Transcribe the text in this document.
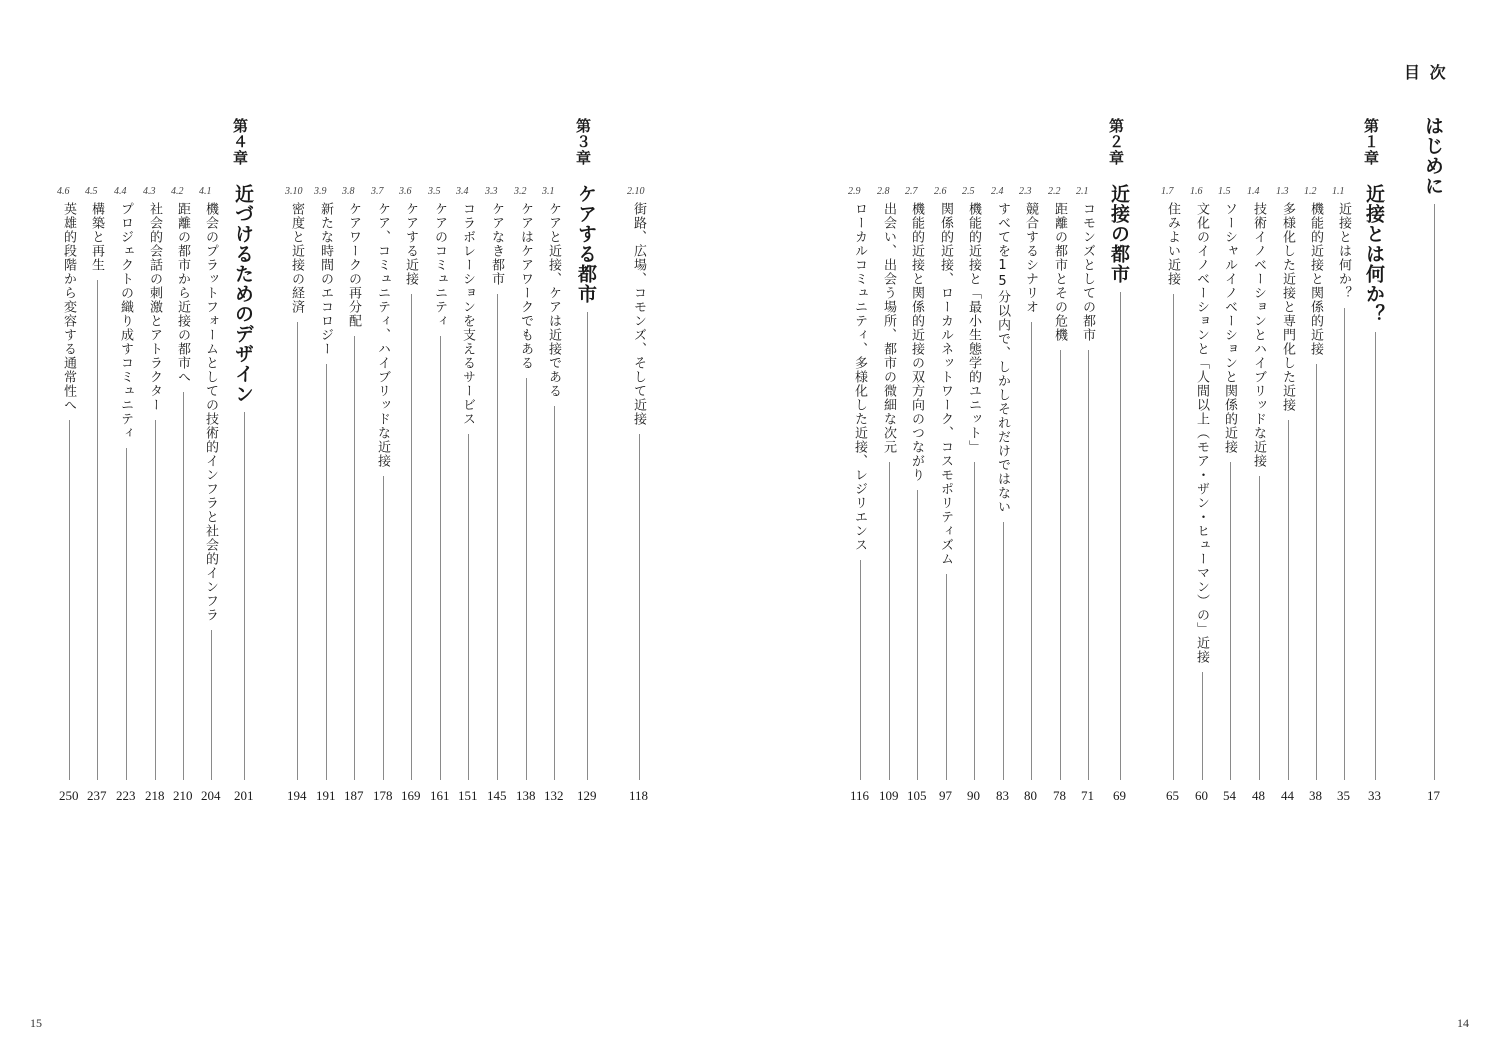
目 次
15	14
はじめに
17
第１章
近接とは何か？
33
1.1
近接とは何か？
35
1.2
機能的近接と関係的近接
38
1.3
多様化した近接と専門化した近接
44
1.4
技術イノベーションとハイブリッドな近接
48
1.5
ソーシャルイノベーションと関係的近接
54
1.6
文化のイノベーションと「人間以上（モア・ザン・ヒューマン）の」近接
60
1.7
住みよい近接
65
第２章
近接の都市
69
2.1
コモンズとしての都市
71
2.2
距離の都市とその危機
78
2.3
競合するシナリオ
80
2.4
すべてを15分以内で、しかしそれだけではない
83
2.5
機能的近接と「最小生態学的ユニット」
90
2.6
関係的近接、ローカルネットワーク、コスモポリティズム
97
2.7
機能的近接と関係的近接の双方向のつながり
105
2.8
出会い、出会う場所、都市の微細な次元
109
2.9
ローカルコミュニティ、多様化した近接、レジリエンス
116
2.10
街路、広場、コモンズ、そして近接
118
第３章
ケアする都市
129
3.1
ケアと近接、ケアは近接である
132
3.2
ケアはケアワークでもある
138
3.3
ケアなき都市
145
3.4
コラボレーションを支えるサービス
151
3.5
ケアのコミュニティ
161
3.6
ケアする近接
169
3.7
ケア、コミュニティ、ハイブリッドな近接
178
3.8
ケアワークの再分配
187
3.9
新たな時間のエコロジー
191
3.10
密度と近接の経済
194
第４章
近づけるためのデザイン
201
4.1
機会のプラットフォームとしての技術的インフラと社会的インフラ
204
4.2
距離の都市から近接の都市へ
210
4.3
社会的会話の刺激とアトラクター
218
4.4
プロジェクトの織り成すコミュニティ
223
4.5
構築と再生
237
4.6
英雄的段階から変容する通常性へ
250
